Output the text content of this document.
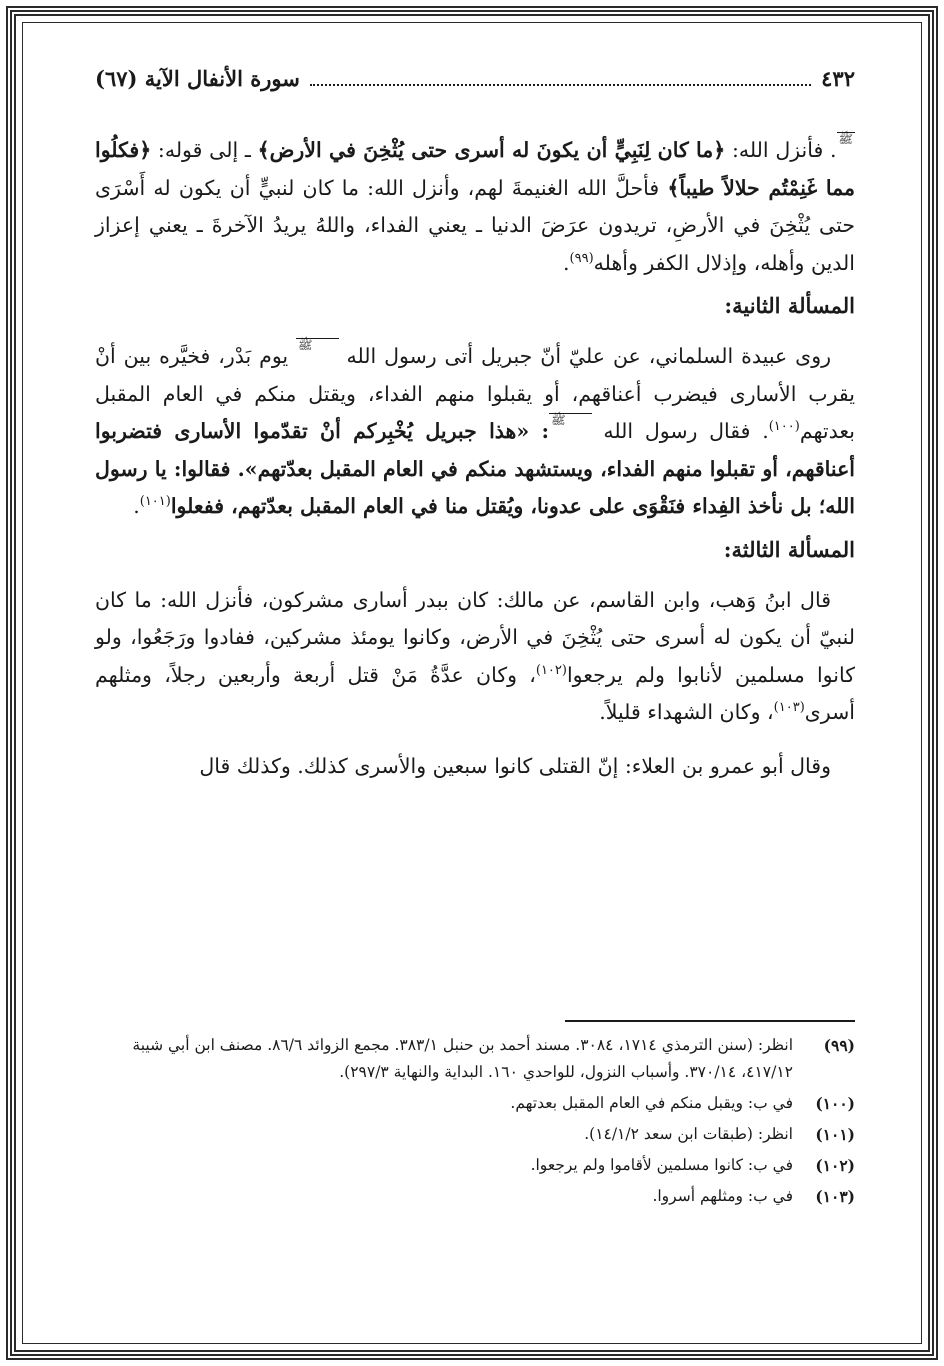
٤٣٢
سورة الأنفال الآية (٦٧)

ﷺ. فأنزل الله: ﴿ما كان لِنَبِيٍّ أن يكونَ له أسرى حتى يُثْخِنَ في الأرض﴾ ـ إلى قوله: ﴿فكلُوا مما غَنِمْتُم حلالاً طيباً﴾ فأحلَّ الله الغنيمةَ لهم، وأنزل الله: ما كان لنبيٍّ أن يكون له أَسْرَى حتى يُثْخِنَ في الأرضِ، تريدون عرَضَ الدنيا ـ يعني الفداء، واللهُ يريدُ الآخرةَ ـ يعني إعزاز الدين وأهله، وإذلال الكفر وأهله$^{(٩٩)}$.

المسألة الثانية:

روى عبيدة السلماني، عن عليّ أنّ جبريل أتى رسول الله ﷺ يوم بَدْر، فخيَّره بين أنْ يقرب الأسارى فيضرب أعناقهم، أو يقبلوا منهم الفداء، ويقتل منكم في العام المقبل بعدتهم$^{(١٠٠)}$. فقال رسول الله ﷺ: «هذا جبريل يُخْبِركم أنْ تقدّموا الأسارى فتضربوا أعناقهم، أو تقبلوا منهم الفداء، ويستشهد منكم في العام المقبل بعدّتهم». فقالوا: يا رسول الله؛ بل نأخذ الفِداء فنَقْوَى على عدونا، ويُقتل منا في العام المقبل بعدّتهم، ففعلوا$^{(١٠١)}$.

المسألة الثالثة:

قال ابنُ وَهب، وابن القاسم، عن مالك: كان ببدر أسارى مشركون، فأنزل الله: ما كان لنبيّ أن يكون له أسرى حتى يُثْخِنَ في الأرض، وكانوا يومئذ مشركين، ففادوا ورَجَعُوا، ولو كانوا مسلمين لأنابوا ولم يرجعوا$^{(١٠٢)}$، وكان عدَّةُ مَنْ قتل أربعة وأربعين رجلاً، ومثلهم أسرى$^{(١٠٣)}$، وكان الشهداء قليلاً.

وقال أبو عمرو بن العلاء: إنّ القتلى كانوا سبعين والأسرى كذلك. وكذلك قال

(٩٩)
انظر: (سنن الترمذي ١٧١٤، ٣٠٨٤. مسند أحمد بن حنبل ٣٨٣/١. مجمع الزوائد ٨٦/٦. مصنف ابن أبي شيبة ٤١٧/١٢، ٣٧٠/١٤. وأسباب النزول، للواحدي ١٦٠. البداية والنهاية ٢٩٧/٣).
(١٠٠)
في ب: ويقبل منكم في العام المقبل بعدتهم.
(١٠١)
انظر: (طبقات ابن سعد ١٤/١/٢).
(١٠٢)
في ب: كانوا مسلمين لأقاموا ولم يرجعوا.
(١٠٣)
في ب: ومثلهم أسروا.
